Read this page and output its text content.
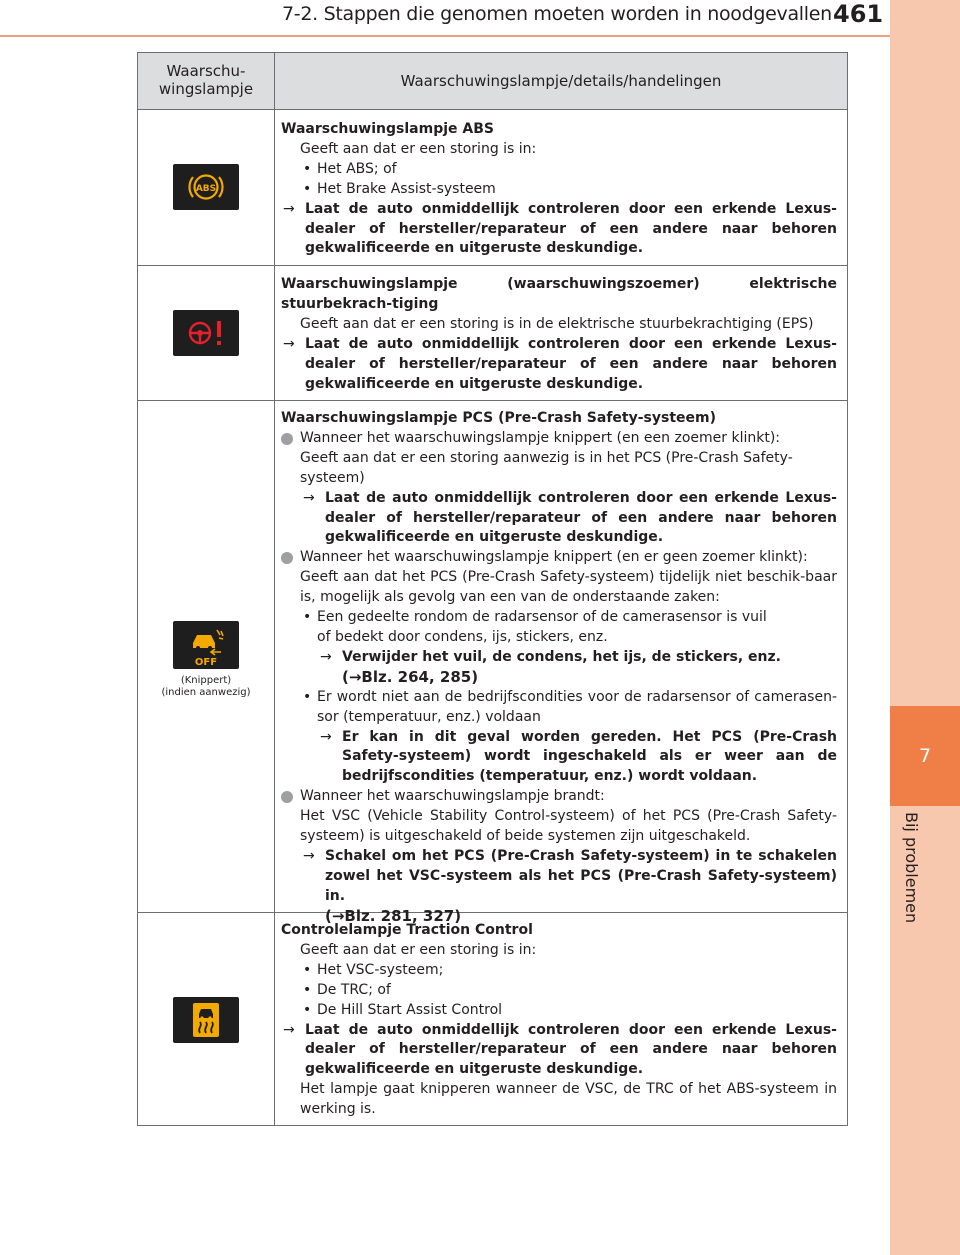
7-2. Stappen die genomen moeten worden in noodgevallen 461
7
Bij problemen
Waarschu-
wingslampje	Waarschuwingslampje/details/handelingen
ABS

Waarschuwingslampje ABS

Geeft aan dat er een storing is in:

• Het ABS; of

• Het Brake Assist-systeem

→ Laat de auto onmiddellijk controleren door een erkende Lexus-dealer of hersteller/reparateur of een andere naar behoren gekwalificeerde en uitgeruste deskundige.

Waarschuwingslampje (waarschuwingszoemer) elektrische stuurbekrach-tiging

Geeft aan dat er een storing is in de elektrische stuurbekrachtiging (EPS)

→ Laat de auto onmiddellijk controleren door een erkende Lexus-dealer of hersteller/reparateur of een andere naar behoren gekwalificeerde en uitgeruste deskundige.

OFF
(Knippert)
(indien aanwezig)

Waarschuwingslampje PCS (Pre-Crash Safety-systeem)

Wanneer het waarschuwingslampje knippert (en een zoemer klinkt):

Geeft aan dat er een storing aanwezig is in het PCS (Pre-Crash Safety-systeem)

→ Laat de auto onmiddellijk controleren door een erkende Lexus-dealer of hersteller/reparateur of een andere naar behoren gekwalificeerde en uitgeruste deskundige.

Wanneer het waarschuwingslampje knippert (en er geen zoemer klinkt):

Geeft aan dat het PCS (Pre-Crash Safety-systeem) tijdelijk niet beschik-baar is, mogelijk als gevolg van een van de onderstaande zaken:

• Een gedeelte rondom de radarsensor of de camerasensor is vuil

of bedekt door condens, ijs, stickers, enz.

→ Verwijder het vuil, de condens, het ijs, de stickers, enz.

(→Blz. 264, 285)

• Er wordt niet aan de bedrijfscondities voor de radarsensor of camerasen-sor (temperatuur, enz.) voldaan

→ Er kan in dit geval worden gereden. Het PCS (Pre-Crash Safety-systeem) wordt ingeschakeld als er weer aan de bedrijfscondities (temperatuur, enz.) wordt voldaan.

Wanneer het waarschuwingslampje brandt:

Het VSC (Vehicle Stability Control-systeem) of het PCS (Pre-Crash Safety-systeem) is uitgeschakeld of beide systemen zijn uitgeschakeld.

→ Schakel om het PCS (Pre-Crash Safety-systeem) in te schakelen zowel het VSC-systeem als het PCS (Pre-Crash Safety-systeem) in.

(→Blz. 281, 327)

Controlelampje Traction Control

Geeft aan dat er een storing is in:

• Het VSC-systeem;

• De TRC; of

• De Hill Start Assist Control

→ Laat de auto onmiddellijk controleren door een erkende Lexus-dealer of hersteller/reparateur of een andere naar behoren gekwalificeerde en uitgeruste deskundige.

Het lampje gaat knipperen wanneer de VSC, de TRC of het ABS-systeem in werking is.
